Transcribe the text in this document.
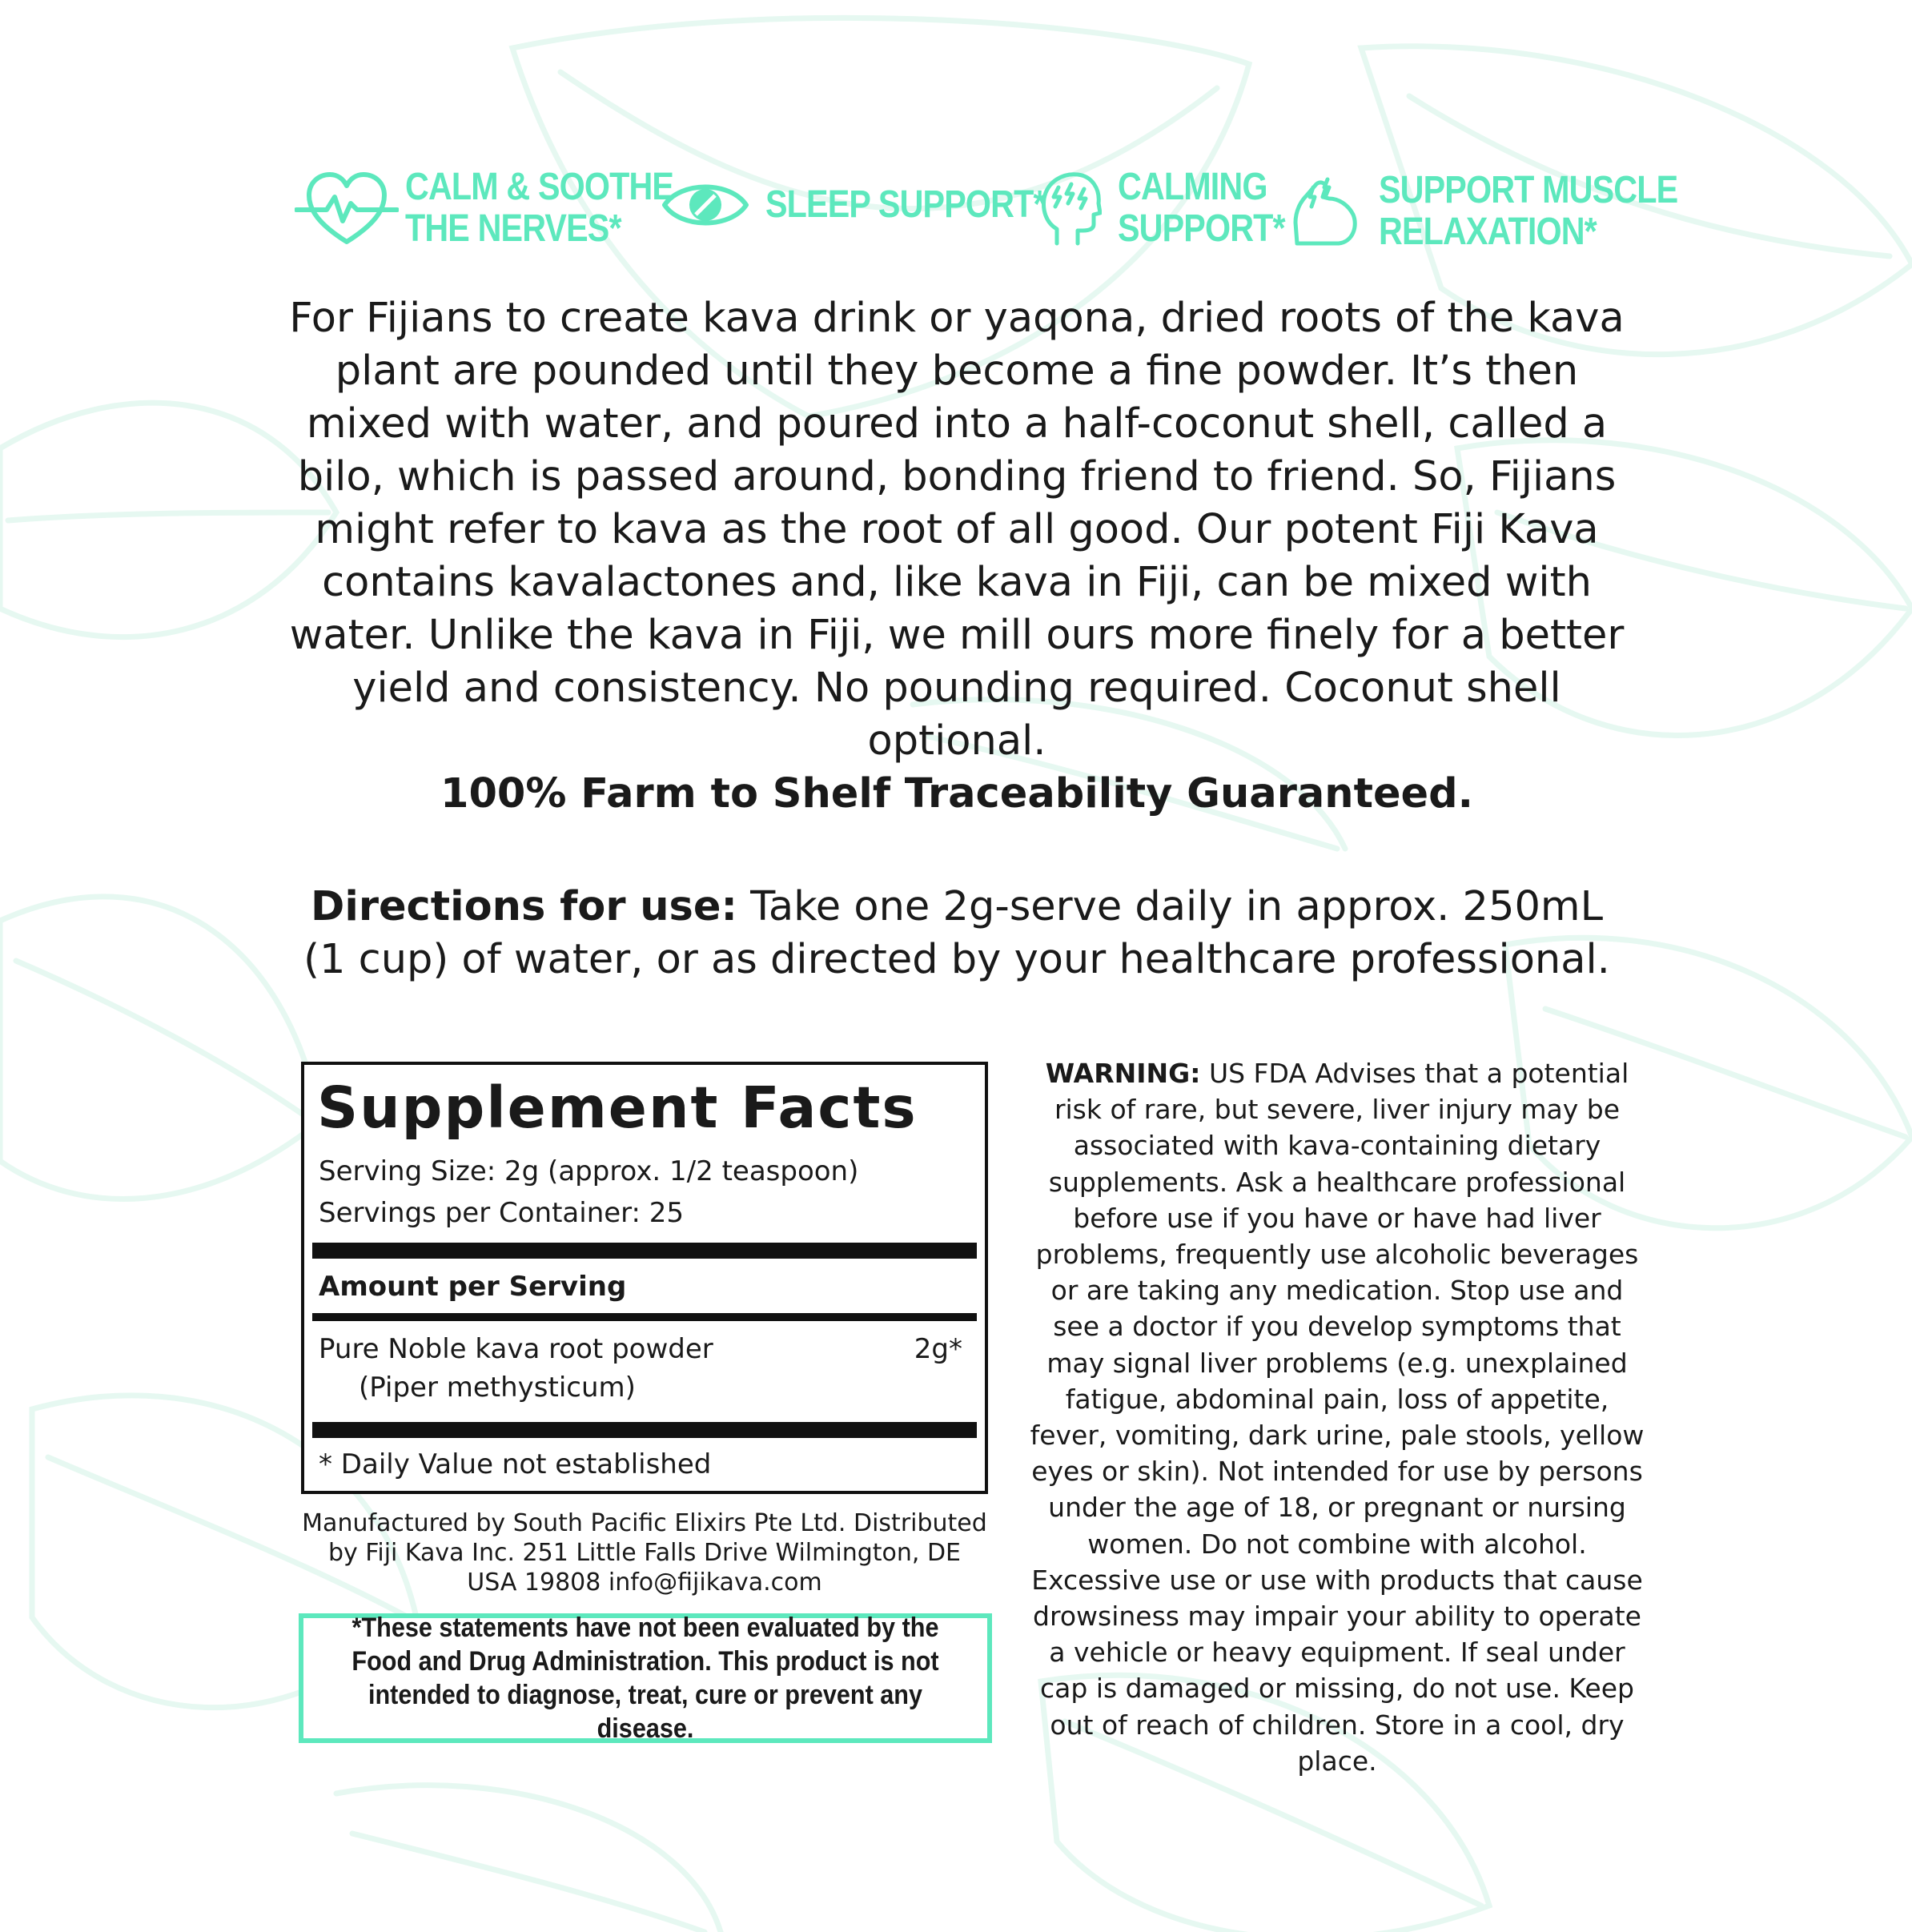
CALM & SOOTHE
THE NERVES*
SLEEP SUPPORT* CALMING
SUPPORT*
SUPPORT MUSCLE
RELAXATION*

For Fijians to create kava drink or yaqona, dried roots of the kava plant are pounded until they become a fine powder. It’s then mixed with water, and poured into a half-coconut shell, called a bilo, which is passed around, bonding friend to friend. So, Fijians might refer to kava as the root of all good. Our potent Fiji Kava contains kavalactones and, like kava in Fiji, can be mixed with water. Unlike the kava in Fiji, we mill ours more finely for a better yield and consistency. No pounding required. Coconut shell optional.

100% Farm to Shelf Traceability Guaranteed.

Directions for use: Take one 2g-serve daily in approx. 250mL (1 cup) of water, or as directed by your healthcare professional.

Supplement Facts
Serving Size: 2g (approx. 1/2 teaspoon)
Servings per Container: 25
Amount per Serving
Pure Noble kava root powder	2g*
(Piper methysticum)
* Daily Value not established

Manufactured by South Pacific Elixirs Pte Ltd. Distributed by Fiji Kava Inc. 251 Little Falls Drive Wilmington, DE USA 19808 info@fijikava.com

*These statements have not been evaluated by the Food and Drug Administration. This product is not intended to diagnose, treat, cure or prevent any disease.

WARNING: US FDA Advises that a potential risk of rare, but severe, liver injury may be associated with kava-containing dietary supplements. Ask a healthcare professional before use if you have or have had liver problems, frequently use alcoholic beverages or are taking any medication. Stop use and see a doctor if you develop symptoms that may signal liver problems (e.g. unexplained fatigue, abdominal pain, loss of appetite, fever, vomiting, dark urine, pale stools, yellow eyes or skin). Not intended for use by persons under the age of 18, or pregnant or nursing women. Do not combine with alcohol. Excessive use or use with products that cause drowsiness may impair your ability to operate a vehicle or heavy equipment. If seal under cap is damaged or missing, do not use. Keep out of reach of children. Store in a cool, dry place.
